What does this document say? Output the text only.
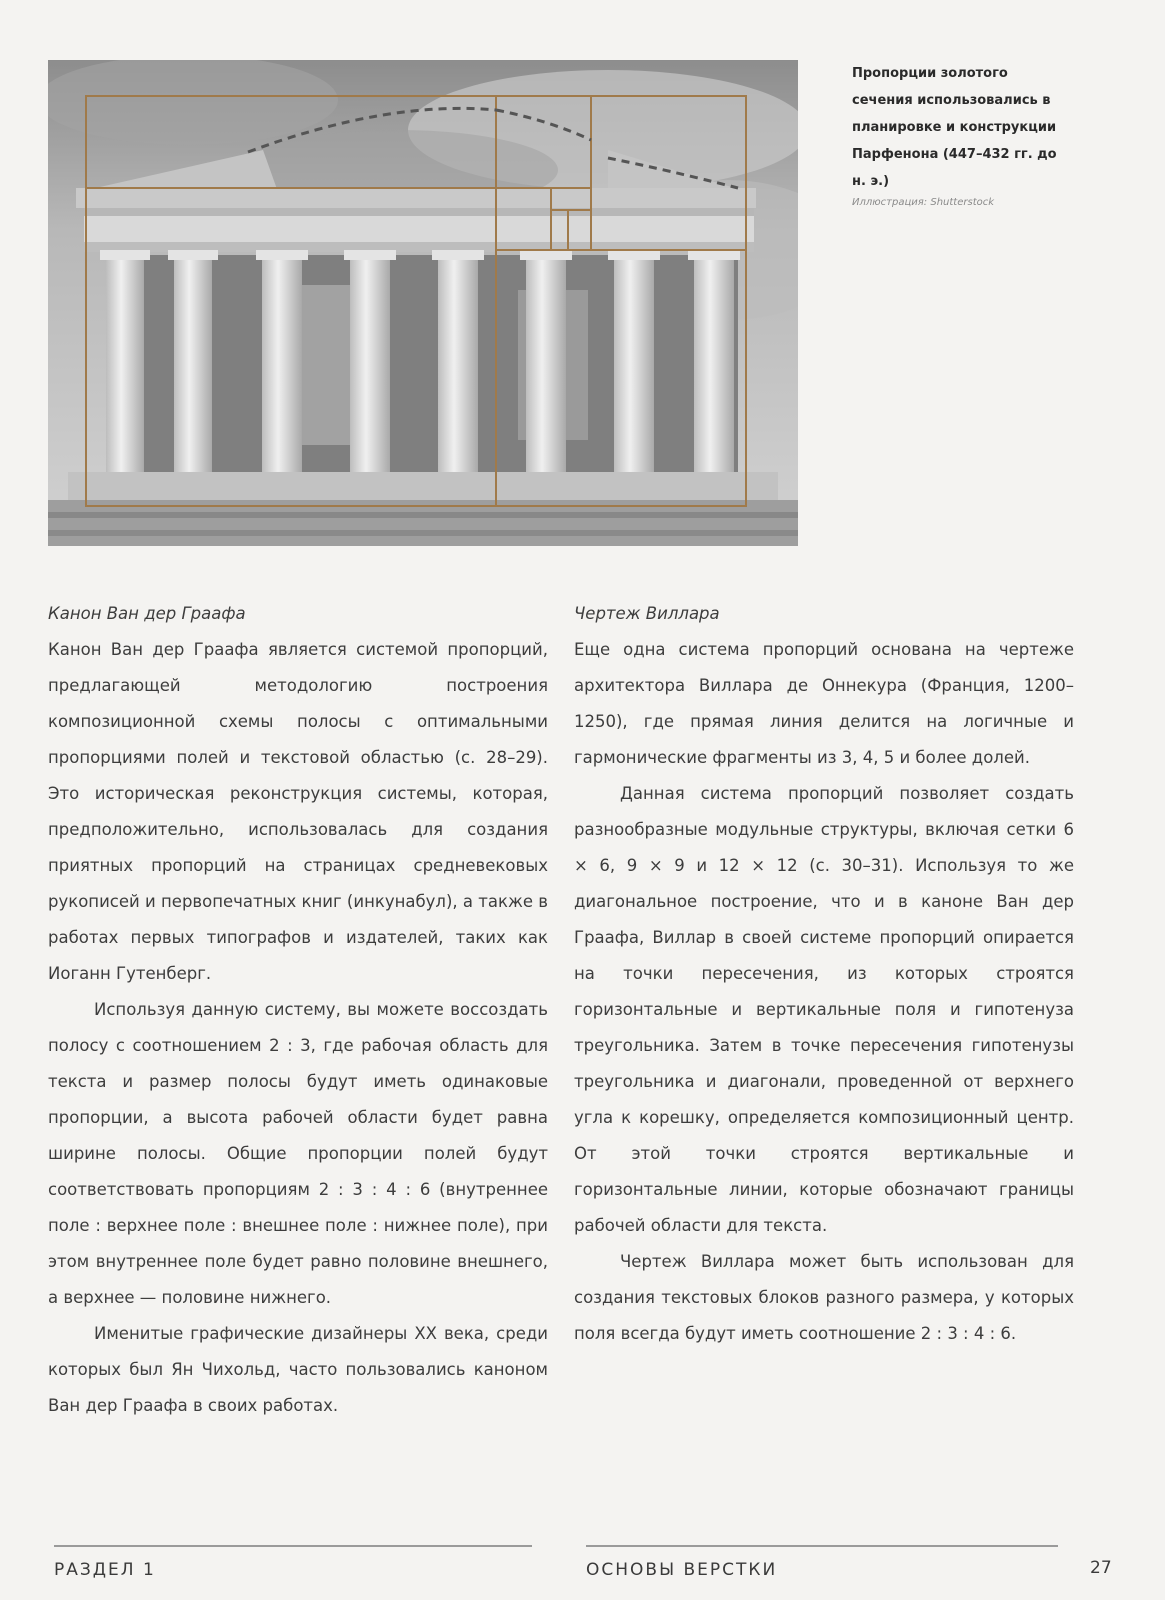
Пропорции золотого сечения использовались в планировке и конструкции Парфенона (447–432 гг. до н. э.)
Иллюстрация: Shutterstock
Канон Ван дер Граафа

Канон Ван дер Граафа является системой пропорций, предлагающей методологию построения композиционной схемы полосы с оптимальными пропорциями полей и текстовой областью (с. 28–29). Это историческая реконструкция системы, которая, предположительно, использовалась для создания приятных пропорций на страницах средневековых рукописей и первопечатных книг (инкунабул), а также в работах первых типографов и издателей, таких как Иоганн Гутенберг.

Используя данную систему, вы можете воссоздать полосу с соотношением 2 : 3, где рабочая область для текста и размер полосы будут иметь одинаковые пропорции, а высота рабочей области будет равна ширине полосы. Общие пропорции полей будут соответствовать пропорциям 2 : 3 : 4 : 6 (внутреннее поле : верхнее поле : внешнее поле : нижнее поле), при этом внутреннее поле будет равно половине внешнего, а верхнее — половине нижнего.

Именитые графические дизайнеры XX века, среди которых был Ян Чихольд, часто пользовались каноном Ван дер Граафа в своих работах.

Чертеж Виллара

Еще одна система пропорций основана на чертеже архитектора Виллара де Оннекура (Франция, 1200–1250), где прямая линия делится на логичные и гармонические фрагменты из 3, 4, 5 и более долей.

Данная система пропорций позволяет создать разнообразные модульные структуры, включая сетки 6 × 6, 9 × 9 и 12 × 12 (с. 30–31). Используя то же диагональное построение, что и в каноне Ван дер Граафа, Виллар в своей системе пропорций опирается на точки пересечения, из которых строятся горизонтальные и вертикальные поля и гипотенуза треугольника. Затем в точке пересечения гипотенузы треугольника и диагонали, проведенной от верхнего угла к корешку, определяется композиционный центр. От этой точки строятся вертикальные и горизонтальные линии, которые обозначают границы рабочей области для текста.

Чертеж Виллара может быть использован для создания текстовых блоков разного размера, у которых поля всегда будут иметь соотношение 2 : 3 : 4 : 6.

РАЗДЕЛ 1	ОСНОВЫ ВЕРСТКИ	27
